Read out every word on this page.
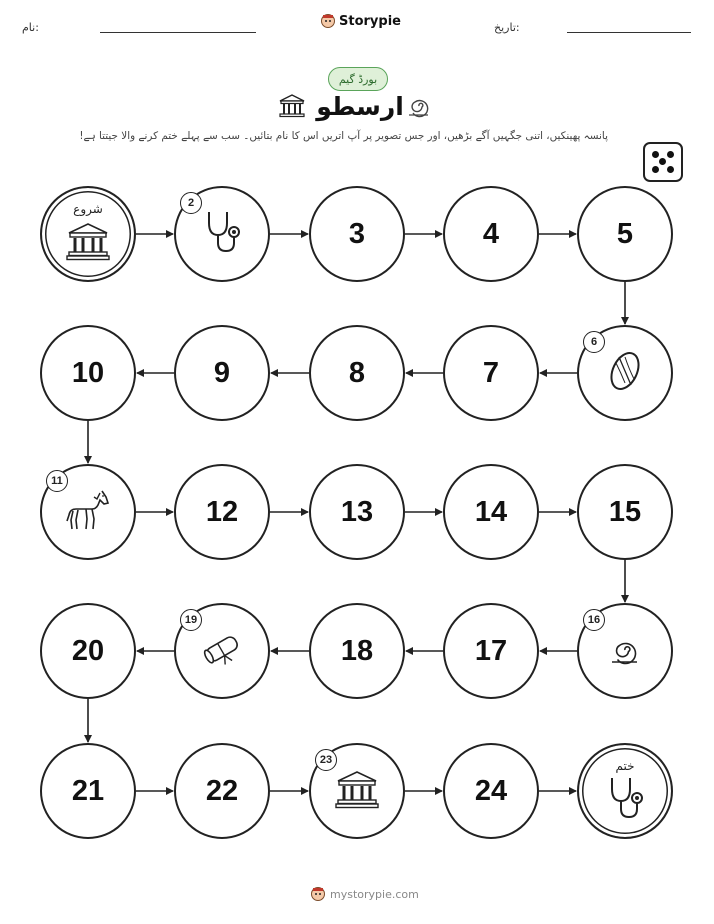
نام:	Storypie	تاریخ:
بورڈ گیم
ارسطو
پانسہ پھینکیں، اتنی جگہیں آگے بڑھیں، اور جس تصویر پر آپ اتریں اس کا نام بتائیں۔ سب سے پہلے ختم کرنے والا جیتتا ہے!
شروع	2
3	4	5
6
7
8
9
10
11
12	13	14	15
16
17
18
19
20
21	22
23
24
ختم
mystorypie.com
